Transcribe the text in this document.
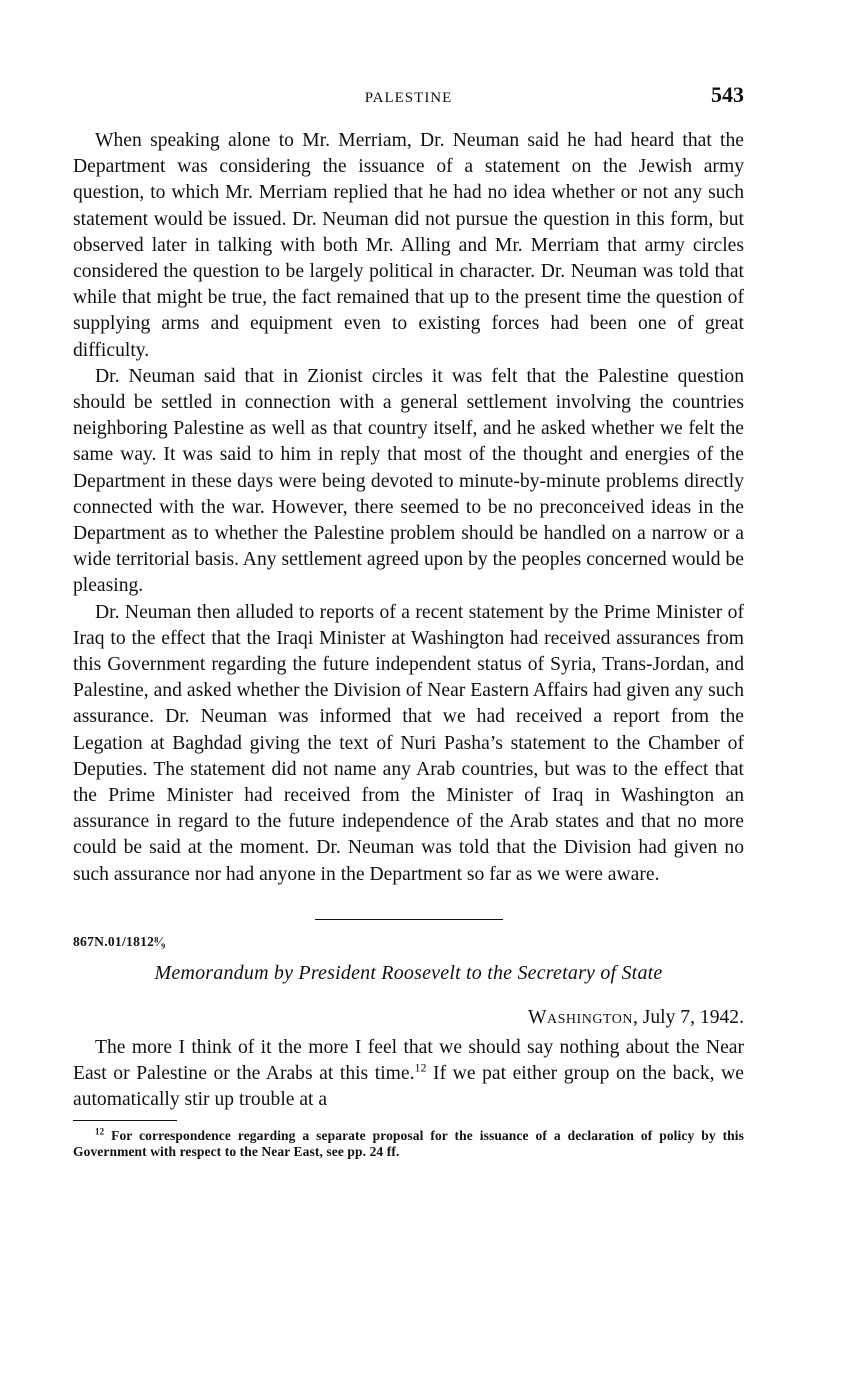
PALESTINE	543

When speaking alone to Mr. Merriam, Dr. Neuman said he had heard that the Department was considering the issuance of a statement on the Jewish army question, to which Mr. Merriam replied that he had no idea whether or not any such statement would be issued. Dr. Neuman did not pursue the question in this form, but observed later in talking with both Mr. Alling and Mr. Merriam that army circles considered the question to be largely political in character. Dr. Neuman was told that while that might be true, the fact remained that up to the present time the question of supplying arms and equipment even to existing forces had been one of great difficulty.

Dr. Neuman said that in Zionist circles it was felt that the Palestine question should be settled in connection with a general settlement involving the countries neighboring Palestine as well as that country itself, and he asked whether we felt the same way. It was said to him in reply that most of the thought and energies of the Department in these days were being devoted to minute-by-minute problems directly connected with the war. However, there seemed to be no preconceived ideas in the Department as to whether the Palestine problem should be handled on a narrow or a wide territorial basis. Any settlement agreed upon by the peoples concerned would be pleasing.

Dr. Neuman then alluded to reports of a recent statement by the Prime Minister of Iraq to the effect that the Iraqi Minister at Washington had received assurances from this Government regarding the future independent status of Syria, Trans-Jordan, and Palestine, and asked whether the Division of Near Eastern Affairs had given any such assurance. Dr. Neuman was informed that we had received a report from the Legation at Baghdad giving the text of Nuri Pasha’s statement to the Chamber of Deputies. The statement did not name any Arab countries, but was to the effect that the Prime Minister had received from the Minister of Iraq in Washington an assurance in regard to the future independence of the Arab states and that no more could be said at the moment. Dr. Neuman was told that the Division had given no such assurance nor had anyone in the Department so far as we were aware.

867N.01/1812⁸⁄₉
Memorandum by President Roosevelt to the Secretary of State
Washington, July 7, 1942.

The more I think of it the more I feel that we should say nothing about the Near East or Palestine or the Arabs at this time.$^{12}$ If we pat either group on the back, we automatically stir up trouble at a

$^{12}$ For correspondence regarding a separate proposal for the issuance of a declaration of policy by this Government with respect to the Near East, see pp. 24 ff.
